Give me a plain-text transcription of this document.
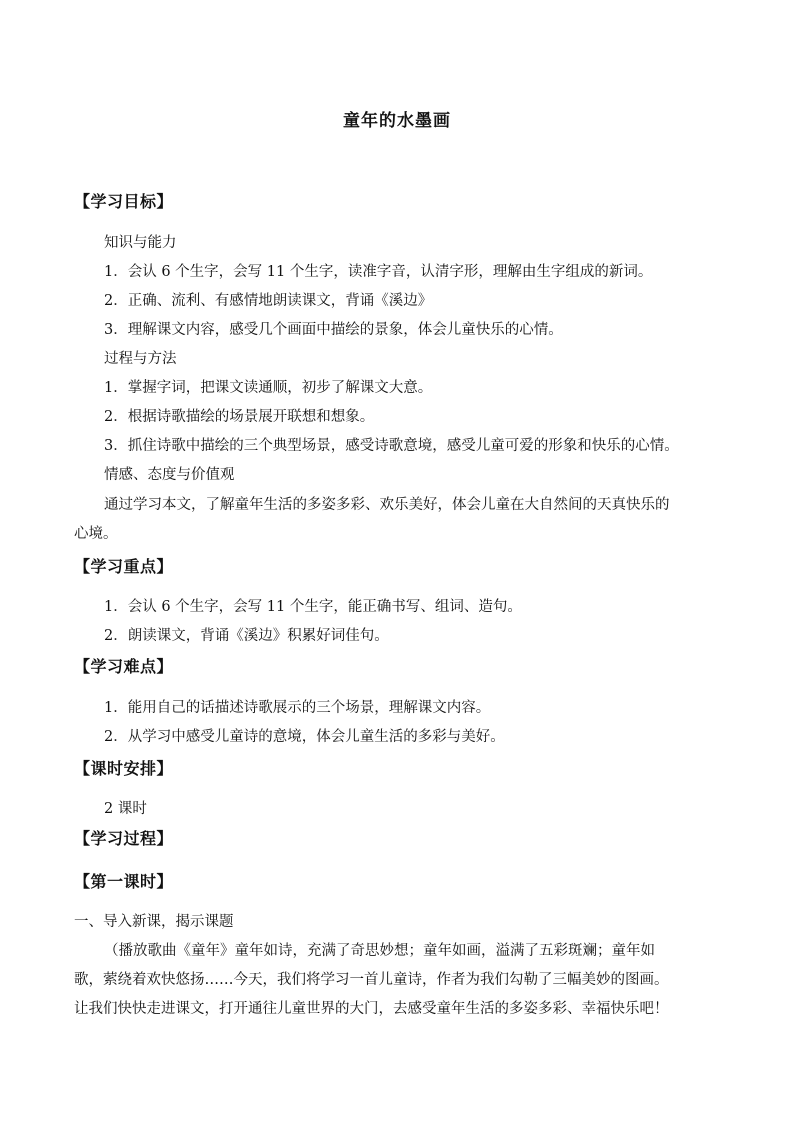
童年的水墨画
【学习目标】
知识与能力
1．会认 6 个生字，会写 11 个生字，读准字音，认清字形，理解由生字组成的新词。
2．正确、流利、有感情地朗读课文，背诵《溪边》
3．理解课文内容，感受几个画面中描绘的景象，体会儿童快乐的心情。
过程与方法
1．掌握字词，把课文读通顺，初步了解课文大意。
2．根据诗歌描绘的场景展开联想和想象。
3．抓住诗歌中描绘的三个典型场景，感受诗歌意境，感受儿童可爱的形象和快乐的心情。
情感、态度与价值观
通过学习本文，了解童年生活的多姿多彩、欢乐美好，体会儿童在大自然间的天真快乐的
心境。
【学习重点】
1．会认 6 个生字，会写 11 个生字，能正确书写、组词、造句。
2．朗读课文，背诵《溪边》积累好词佳句。
【学习难点】
1．能用自己的话描述诗歌展示的三个场景，理解课文内容。
2．从学习中感受儿童诗的意境，体会儿童生活的多彩与美好。
【课时安排】
2 课时
【学习过程】
【第一课时】
一、导入新课，揭示课题
（播放歌曲《童年》童年如诗，充满了奇思妙想；童年如画，溢满了五彩斑斓；童年如
歌，萦绕着欢快悠扬……今天，我们将学习一首儿童诗，作者为我们勾勒了三幅美妙的图画。
让我们快快走进课文，打开通往儿童世界的大门，去感受童年生活的多姿多彩、幸福快乐吧！
